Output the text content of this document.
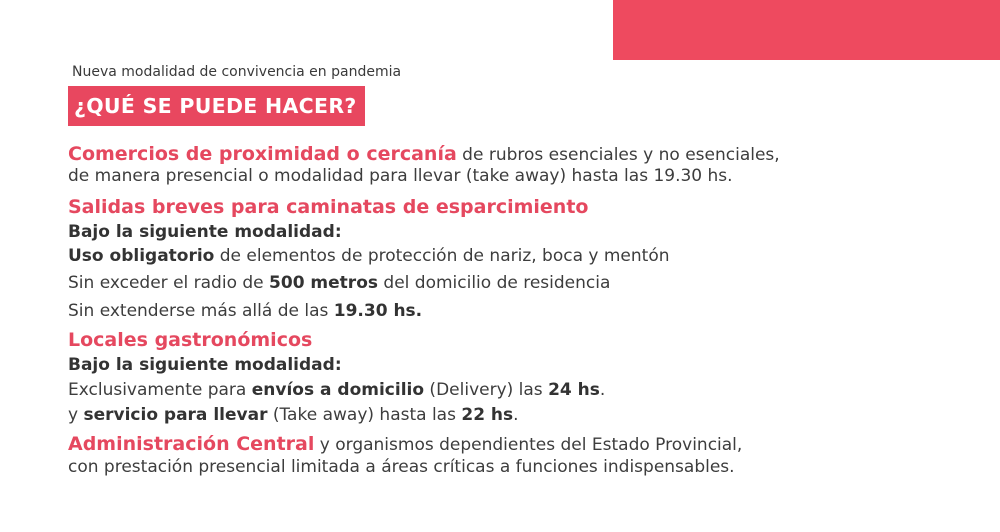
Nueva modalidad de convivencia en pandemia
¿QUÉ SE PUEDE HACER?
Comercios de proximidad o cercanía de rubros esenciales y no esenciales,
de manera presencial o modalidad para llevar (take away) hasta las 19.30 hs.
Salidas breves para caminatas de esparcimiento
Bajo la siguiente modalidad:
Uso obligatorio de elementos de protección de nariz, boca y mentón
Sin exceder el radio de 500 metros del domicilio de residencia
Sin extenderse más allá de las 19.30 hs.
Locales gastronómicos
Bajo la siguiente modalidad:
Exclusivamente para envíos a domicilio (Delivery) las 24 hs.
y servicio para llevar (Take away) hasta las 22 hs.
Administración Central y organismos dependientes del Estado Provincial,
con prestación presencial limitada a áreas críticas a funciones indispensables.
